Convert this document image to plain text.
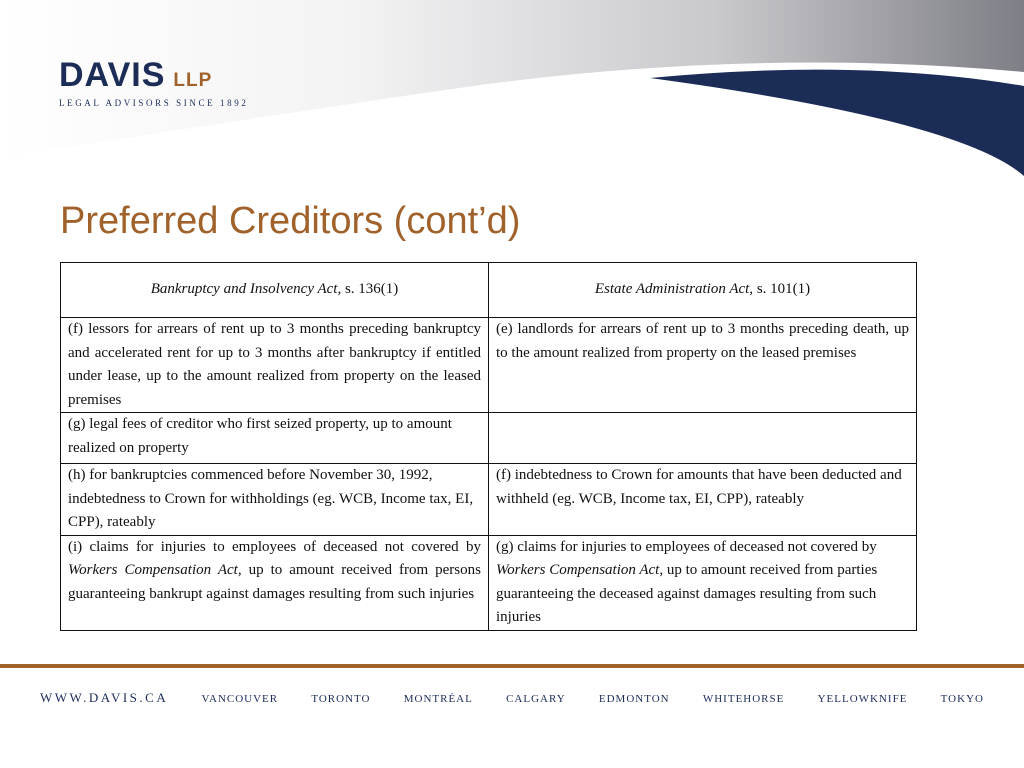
DAVIS LLP
LEGAL ADVISORS SINCE 1892
Preferred Creditors (cont’d)
Bankruptcy and Insolvency Act, s. 136(1)	Estate Administration Act, s. 101(1)
(f) lessors for arrears of rent up to 3 months preceding bankruptcy and accelerated rent for up to 3 months after bankruptcy if entitled under lease, up to the amount realized from property on the leased premises	(e) landlords for arrears of rent up to 3 months preceding death, up to the amount realized from property on the leased premises
(g) legal fees of creditor who first seized property, up to amount realized on property	
(h) for bankruptcies commenced before November 30, 1992, indebtedness to Crown for withholdings (eg. WCB, Income tax, EI, CPP), rateably	(f) indebtedness to Crown for amounts that have been deducted and withheld (eg. WCB, Income tax, EI, CPP), rateably
(i) claims for injuries to employees of deceased not covered by Workers Compensation Act, up to amount received from persons guaranteeing bankrupt against damages resulting from such injuries	(g) claims for injuries to employees of deceased not covered by Workers Compensation Act, up to amount received from parties guaranteeing the deceased against damages resulting from such injuries
WWW.DAVIS.CA	VANCOUVER	TORONTO	MONTRÉAL	CALGARY	EDMONTON	WHITEHORSE	YELLOWKNIFE	TOKYO
